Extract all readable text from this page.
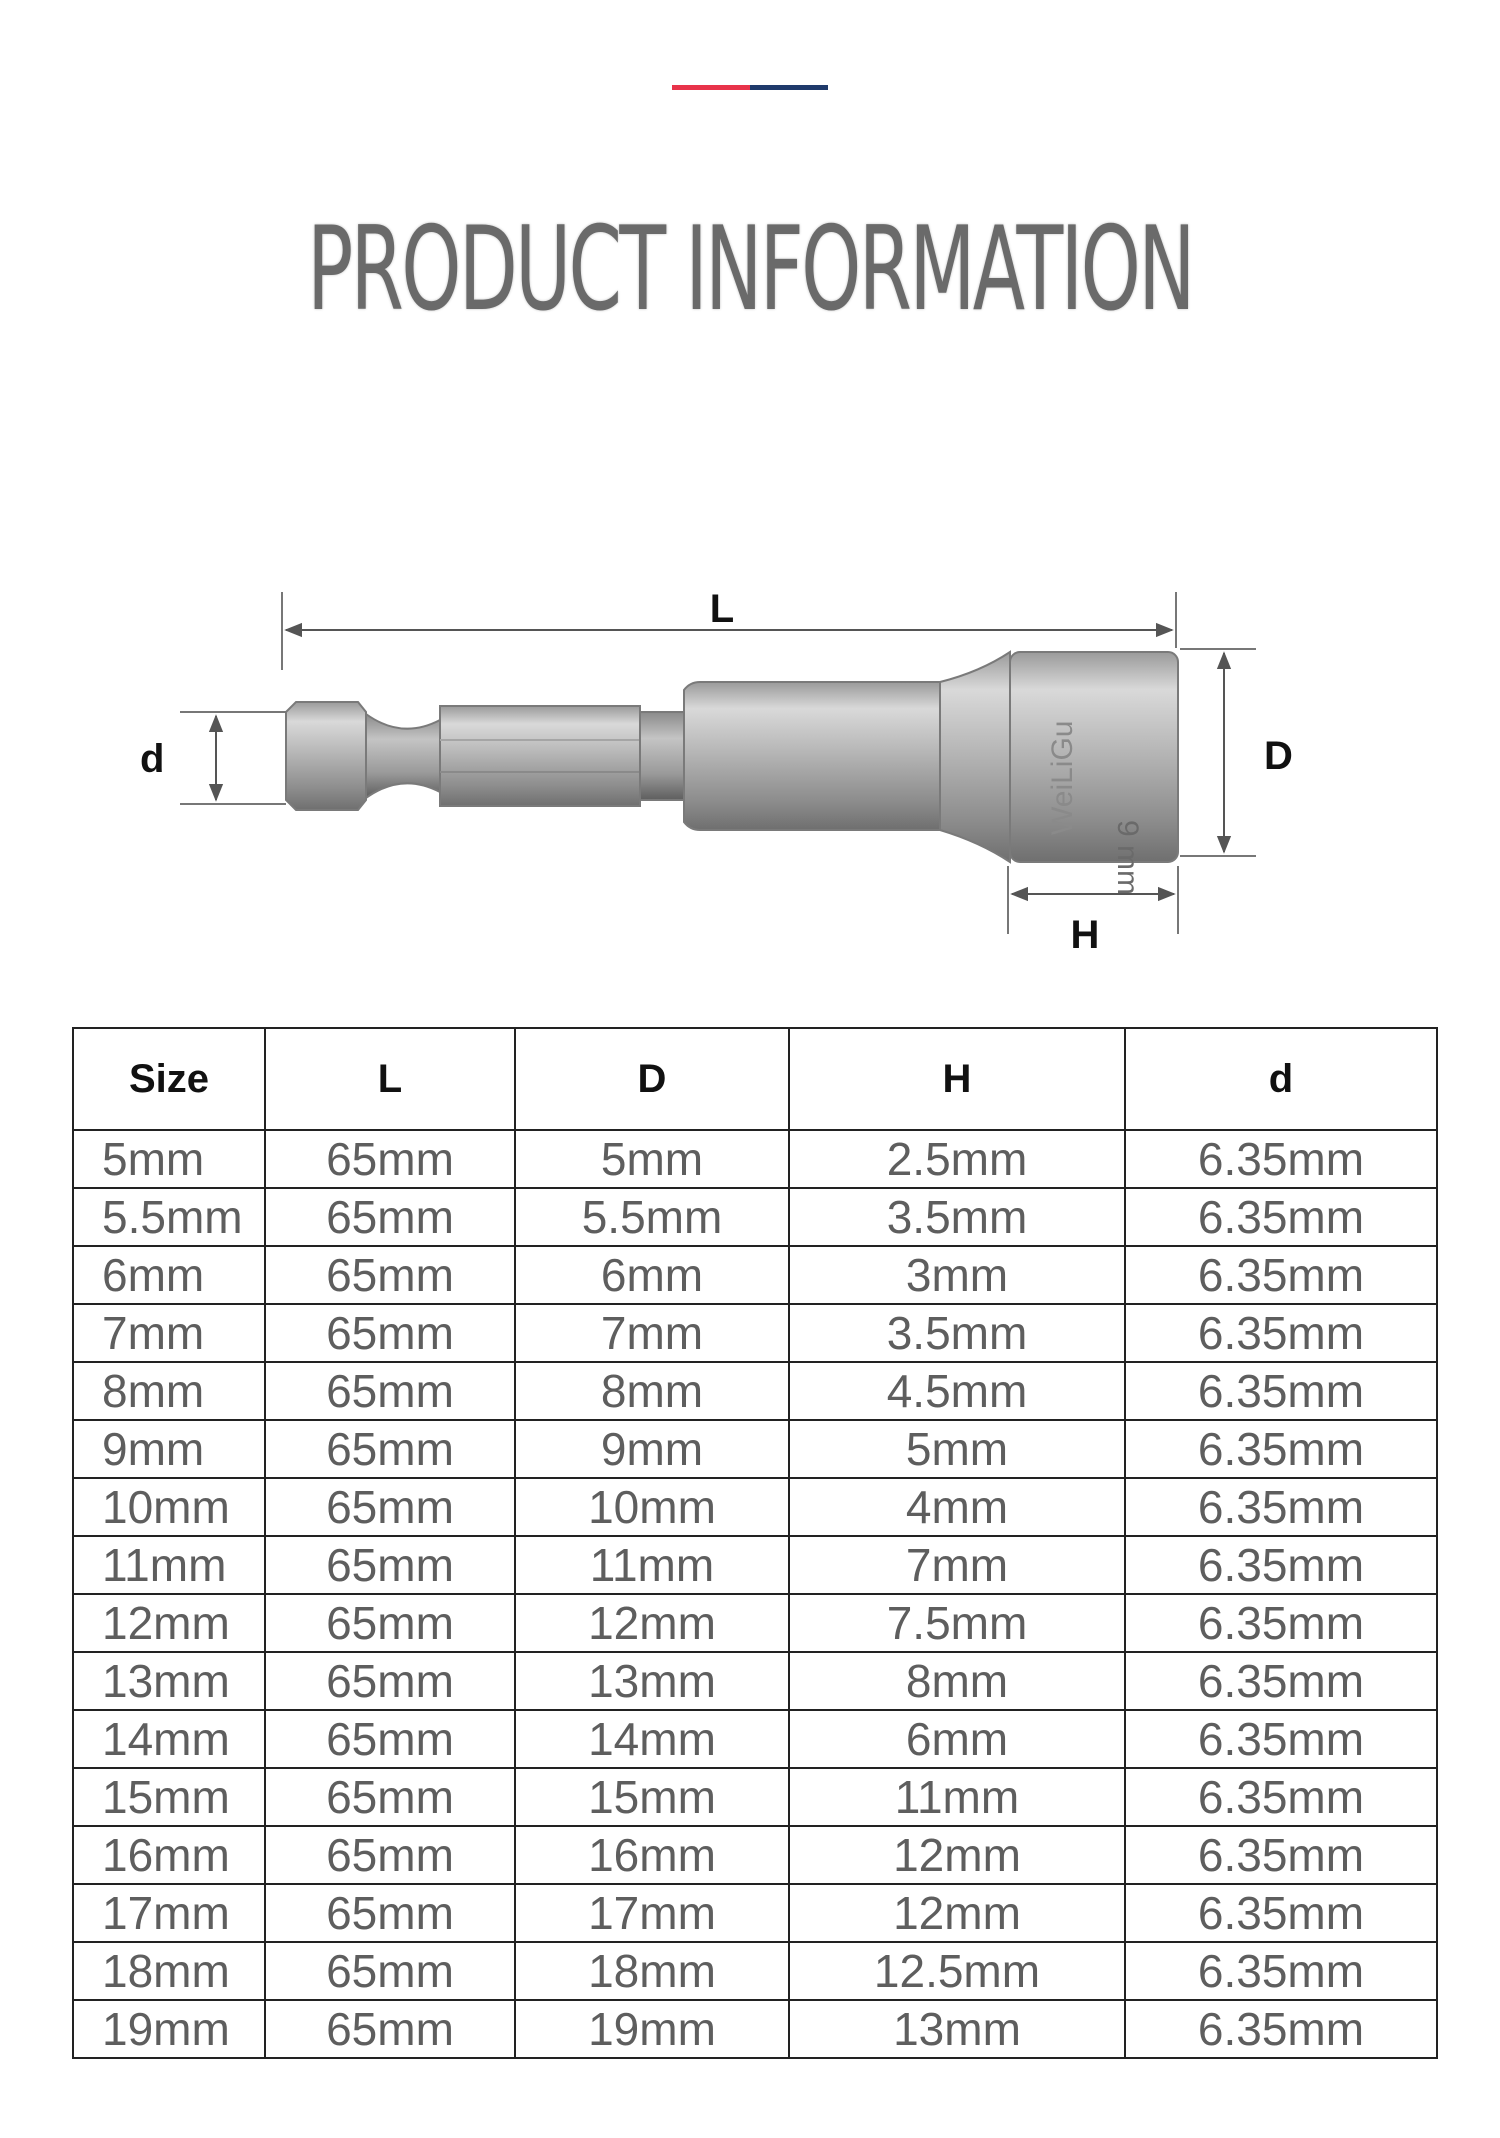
PRODUCT INFORMATION
WeiLiGu
9 mm
L
D
H
d
Size	L	D	H	d
5mm	65mm	5mm	2.5mm	6.35mm
5.5mm	65mm	5.5mm	3.5mm	6.35mm
6mm	65mm	6mm	3mm	6.35mm
7mm	65mm	7mm	3.5mm	6.35mm
8mm	65mm	8mm	4.5mm	6.35mm
9mm	65mm	9mm	5mm	6.35mm
10mm	65mm	10mm	4mm	6.35mm
11mm	65mm	11mm	7mm	6.35mm
12mm	65mm	12mm	7.5mm	6.35mm
13mm	65mm	13mm	8mm	6.35mm
14mm	65mm	14mm	6mm	6.35mm
15mm	65mm	15mm	11mm	6.35mm
16mm	65mm	16mm	12mm	6.35mm
17mm	65mm	17mm	12mm	6.35mm
18mm	65mm	18mm	12.5mm	6.35mm
19mm	65mm	19mm	13mm	6.35mm
